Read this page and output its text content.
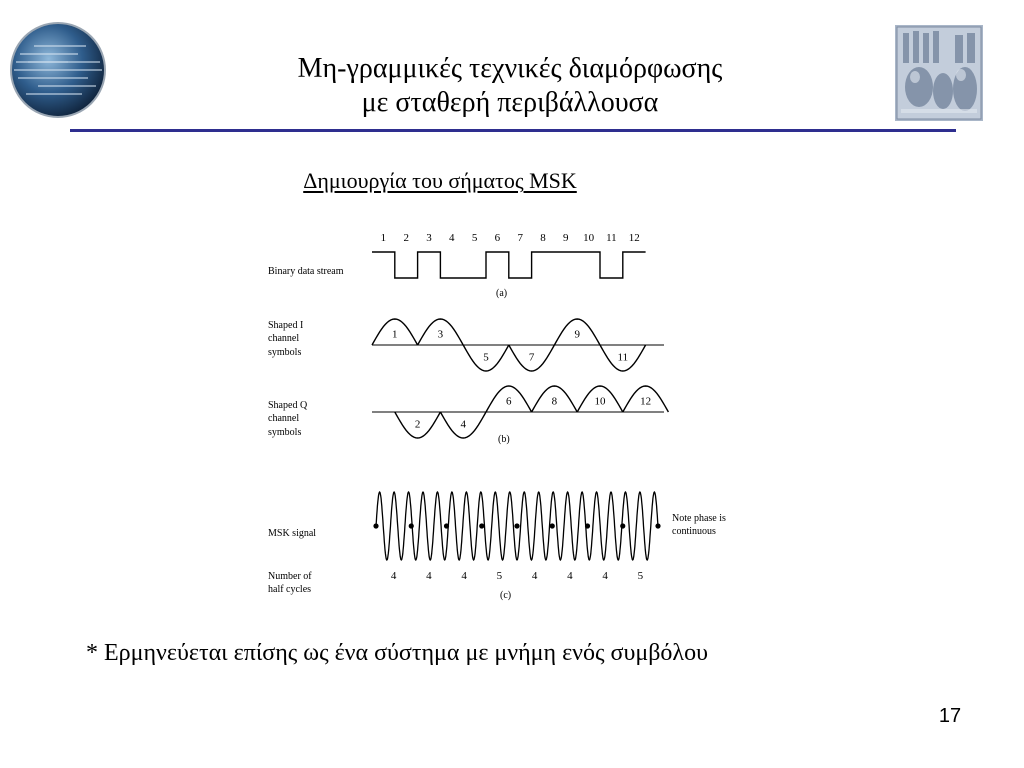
Μη-γραμμικές τεχνικές διαμόρφωσης
με σταθερή περιβάλλουσα
Δημιουργία του σήματος MSK
Binary data stream
(a)
Shaped I
channel
symbols
Shaped Q
channel
symbols
(b)
MSK signal
Note phase is
continuous
Number of
half cycles
(c)
1 2 3 4 5 6 7 8 9 10 11 12
1	3
5	7
9
11
2	4
6	8	10	12
4	4	4	5	4	4	4	5
* Ερμηνεύεται επίσης ως ένα σύστημα με μνήμη ενός συμβόλου
17
